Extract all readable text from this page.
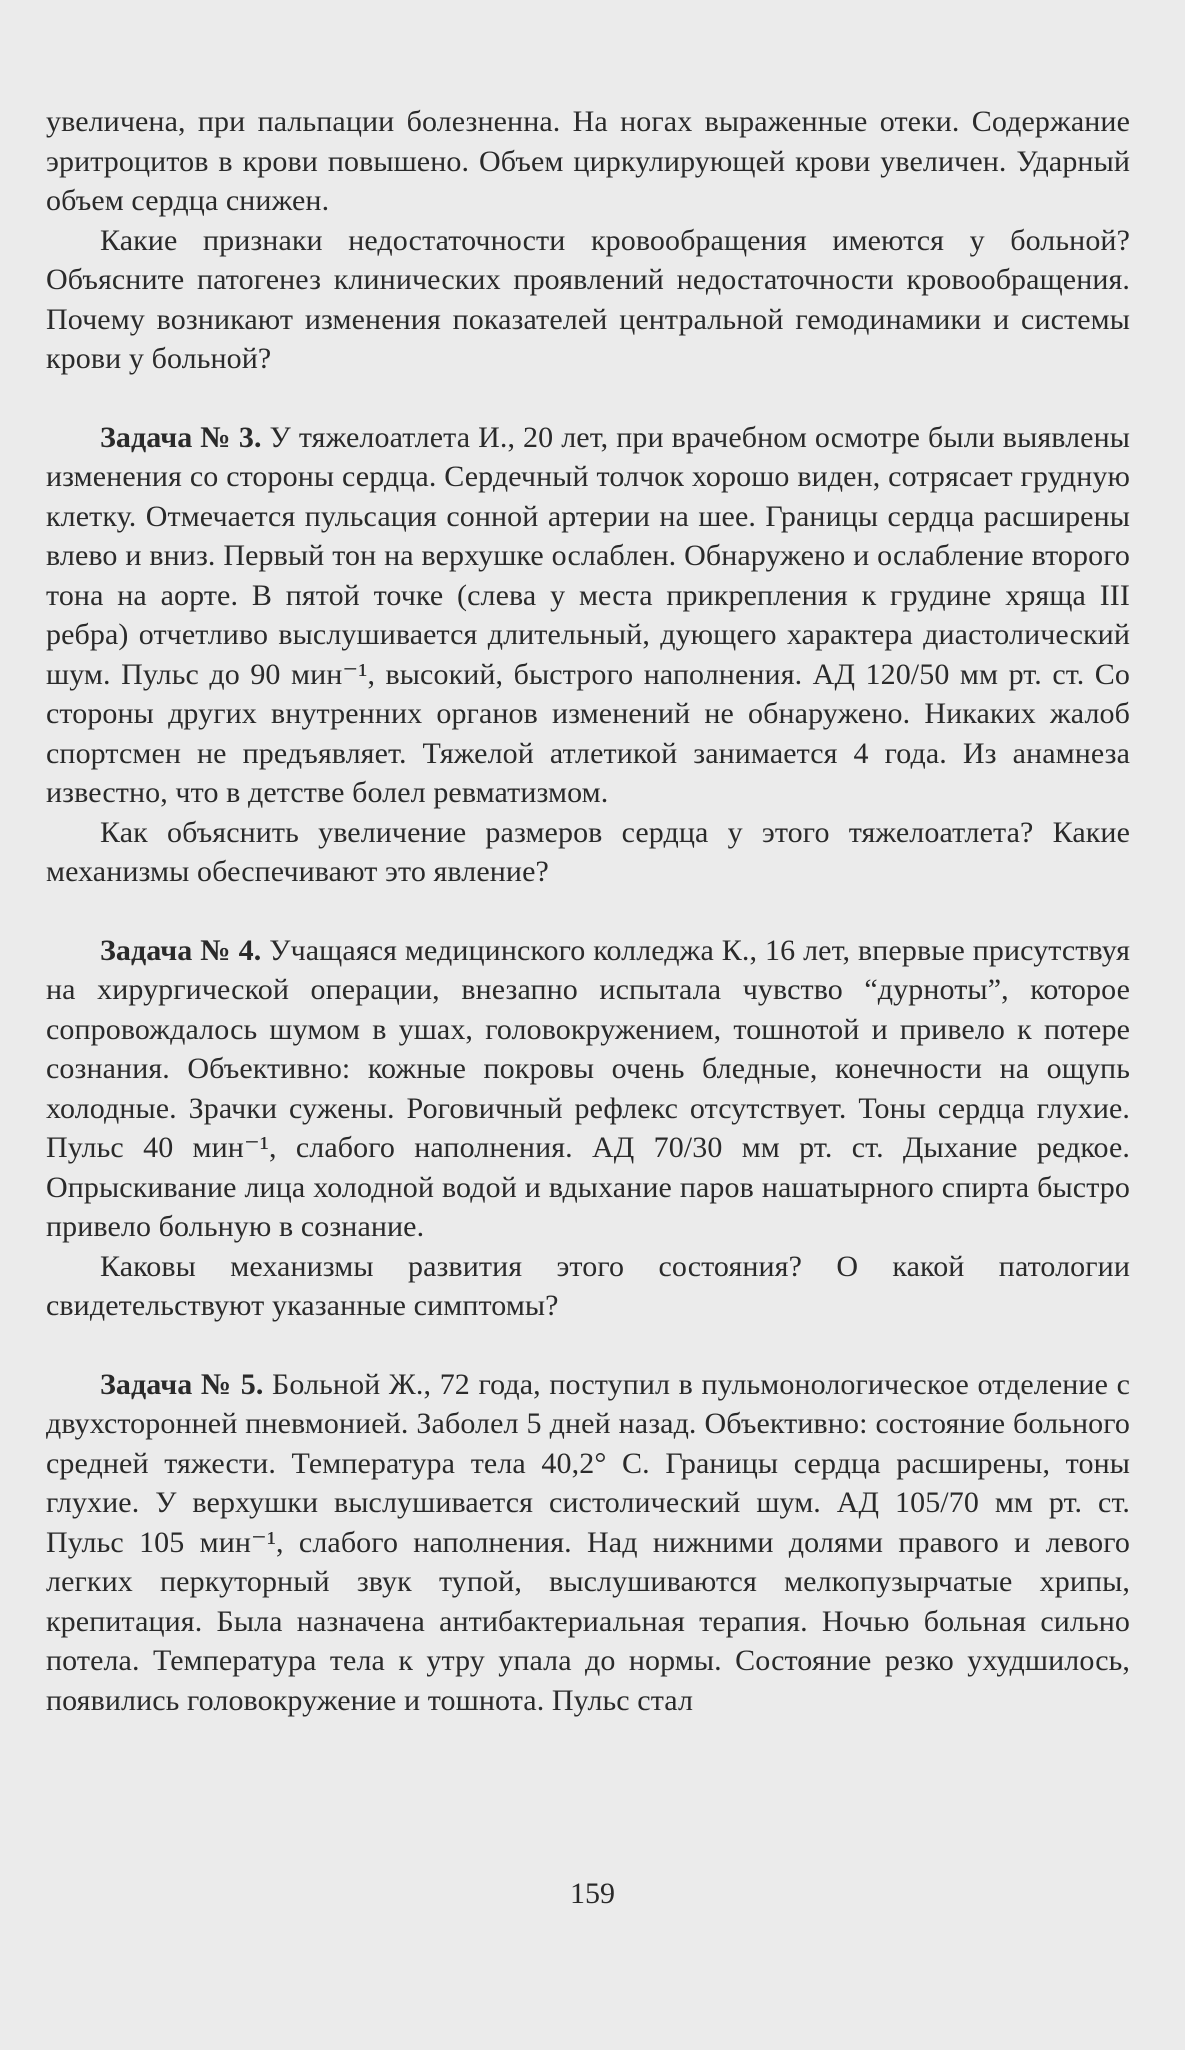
увеличена, при пальпации болезненна. На ногах выраженные отеки. Содержание эритроцитов в крови повышено. Объем циркулирующей крови увеличен. Ударный объем сердца снижен.

Какие признаки недостаточности кровообращения имеются у больной? Объясните патогенез клинических проявлений недостаточности кровообращения. Почему возникают изменения показателей центральной гемодинамики и системы крови у больной?

Задача № 3. У тяжелоатлета И., 20 лет, при врачебном осмотре были выявлены изменения со стороны сердца. Сердечный толчок хорошо виден, сотрясает грудную клетку. Отмечается пульсация сонной артерии на шее. Границы сердца расширены влево и вниз. Первый тон на верхушке ослаблен. Обнаружено и ослабление второго тона на аорте. В пятой точке (слева у места прикрепления к грудине хряща III ребра) отчетливо выслушивается длительный, дующего характера диастолический шум. Пульс до 90 мин⁻¹, высокий, быстрого наполнения. АД 120/50 мм рт. ст. Со стороны других внутренних органов изменений не обнаружено. Никаких жалоб спортсмен не предъявляет. Тяжелой атлетикой занимается 4 года. Из анамнеза известно, что в детстве болел ревматизмом.

Как объяснить увеличение размеров сердца у этого тяжелоатлета? Какие механизмы обеспечивают это явление?

Задача № 4. Учащаяся медицинского колледжа К., 16 лет, впервые присутствуя на хирургической операции, внезапно испытала чувство “дурноты”, которое сопровождалось шумом в ушах, головокружением, тошнотой и привело к потере сознания. Объективно: кожные покровы очень бледные, конечности на ощупь холодные. Зрачки сужены. Роговичный рефлекс отсутствует. Тоны сердца глухие. Пульс 40 мин⁻¹, слабого наполнения. АД 70/30 мм рт. ст. Дыхание редкое. Опрыскивание лица холодной водой и вдыхание паров нашатырного спирта быстро привело больную в сознание.

Каковы механизмы развития этого состояния? О какой патологии свидетельствуют указанные симптомы?

Задача № 5. Больной Ж., 72 года, поступил в пульмонологическое отделение с двухсторонней пневмонией. Заболел 5 дней назад. Объективно: состояние больного средней тяжести. Температура тела 40,2° С. Границы сердца расширены, тоны глухие. У верхушки выслушивается систолический шум. АД 105/70 мм рт. ст. Пульс 105 мин⁻¹, слабого наполнения. Над нижними долями правого и левого легких перкуторный звук тупой, выслушиваются мелкопузырчатые хрипы, крепитация. Была назначена антибактериальная терапия. Ночью больная сильно потела. Температура тела к утру упала до нормы. Состояние резко ухудшилось, появились головокружение и тошнота. Пульс стал

159
